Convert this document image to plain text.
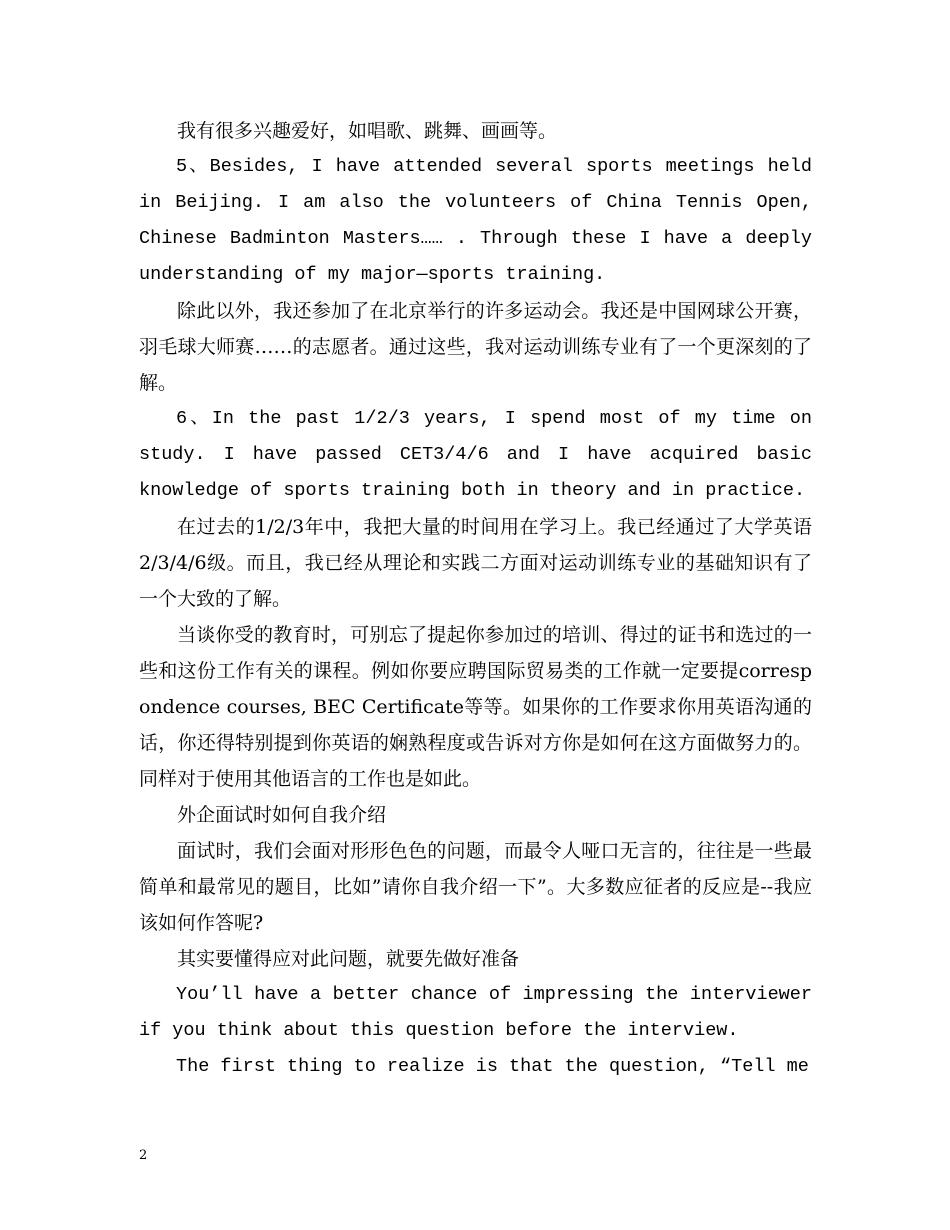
我有很多兴趣爱好，如唱歌、跳舞、画画等。

5、Besides, I have attended several sports meetings held in Beijing. I am also the volunteers of China Tennis Open, Chinese Badminton Masters…… . Through these I have a deeply understanding of my major—sports training.

除此以外，我还参加了在北京举行的许多运动会。我还是中国网球公开赛，羽毛球大师赛……的志愿者。通过这些，我对运动训练专业有了一个更深刻的了解。

6、In the past 1/2/3 years, I spend most of my time on study. I have passed CET3/4/6 and I have acquired basic knowledge of sports training both in theory and in practice.

在过去的1/2/3年中，我把大量的时间用在学习上。我已经通过了大学英语2/3/4/6级。而且，我已经从理论和实践二方面对运动训练专业的基础知识有了一个大致的了解。

当谈你受的教育时，可别忘了提起你参加过的培训、得过的证书和选过的一些和这份工作有关的课程。例如你要应聘国际贸易类的工作就一定要提correspondence courses, BEC Certificate等等。如果你的工作要求你用英语沟通的话，你还得特别提到你英语的娴熟程度或告诉对方你是如何在这方面做努力的。同样对于使用其他语言的工作也是如此。

外企面试时如何自我介绍

面试时，我们会面对形形色色的问题，而最令人哑口无言的，往往是一些最简单和最常见的题目，比如”请你自我介绍一下”。大多数应征者的反应是--我应该如何作答呢?

其实要懂得应对此问题，就要先做好准备

You’ll have a better chance of impressing the interviewer if you think about this question before the interview.

The first thing to realize is that the question, “Tell me

2
